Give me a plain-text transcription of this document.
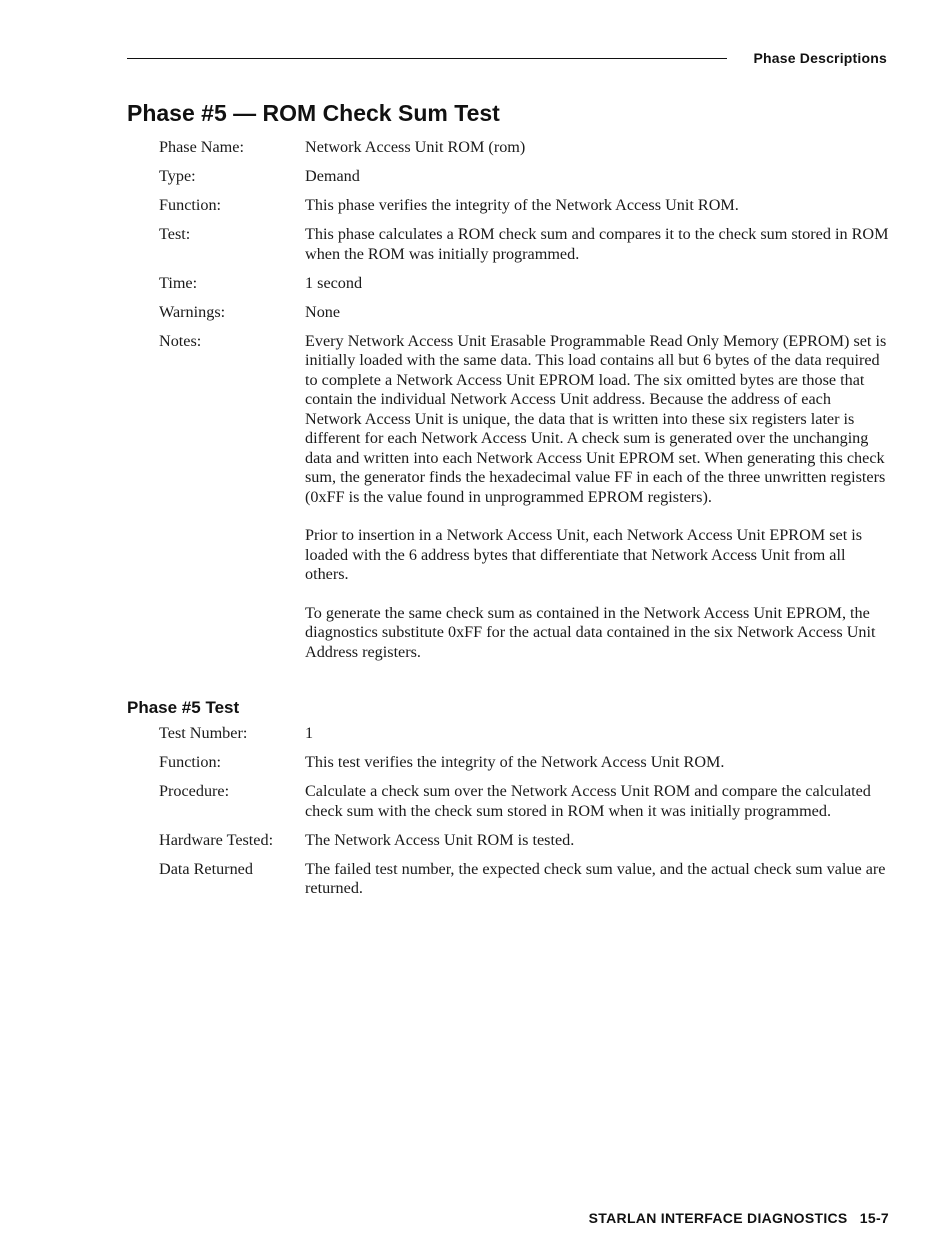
Phase Descriptions
Phase #5 — ROM Check Sum Test
Phase Name:	Network Access Unit ROM (rom)

Type:	Demand

Function:	This phase verifies the integrity of the Network Access Unit ROM.

Test:	This phase calculates a ROM check sum and compares it to the check sum stored in ROM when the ROM was initially programmed.

Time:	1 second

Warnings:	None

Notes:	Every Network Access Unit Erasable Programmable Read Only Memory (EPROM) set is initially loaded with the same data. This load contains all but 6 bytes of the data required to complete a Network Access Unit EPROM load. The six omitted bytes are those that contain the individual Network Access Unit address. Because the address of each Network Access Unit is unique, the data that is written into these six registers later is different for each Network Access Unit. A check sum is generated over the unchanging data and written into each Network Access Unit EPROM set. When generating this check sum, the generator finds the hexadecimal value FF in each of the three unwritten registers (0xFF is the value found in unprogrammed EPROM registers).

Prior to insertion in a Network Access Unit, each Network Access Unit EPROM set is loaded with the 6 address bytes that differentiate that Network Access Unit from all others.

To generate the same check sum as contained in the Network Access Unit EPROM, the diagnostics substitute 0xFF for the actual data contained in the six Network Access Unit Address registers.

Phase #5 Test
Test Number:	1

Function:	This test verifies the integrity of the Network Access Unit ROM.

Procedure:	Calculate a check sum over the Network Access Unit ROM and compare the calculated check sum with the check sum stored in ROM when it was initially programmed.

Hardware Tested:	The Network Access Unit ROM is tested.

Data Returned	The failed test number, the expected check sum value, and the actual check sum value are returned.

STARLAN INTERFACE DIAGNOSTICS 15-7
